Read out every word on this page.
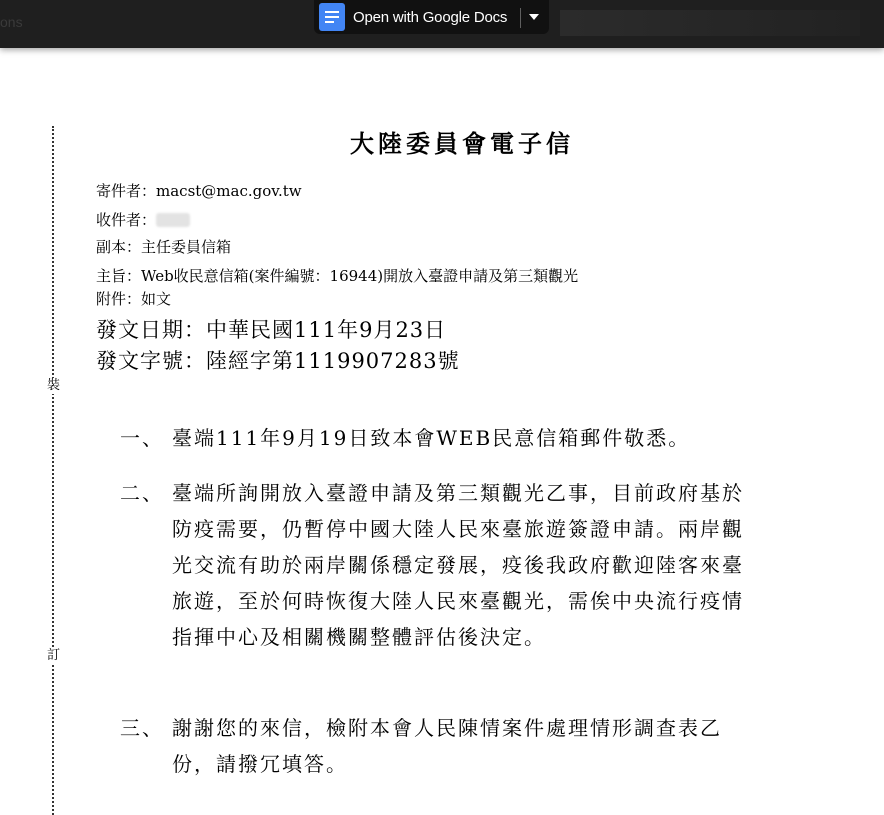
ons	Open with Google Docs
裝
訂
大陸委員會電子信
寄件者：macst@mac.gov.tw
收件者：
副本：主任委員信箱
主旨：Web收民意信箱(案件編號：16944)開放入臺證申請及第三類觀光
附件：如文
發文日期：中華民國111年9月23日
發文字號：陸經字第1119907283號
一、 臺端111年9月19日致本會WEB民意信箱郵件敬悉。
二、 臺端所詢開放入臺證申請及第三類觀光乙事，目前政府基於防疫需要，仍暫停中國大陸人民來臺旅遊簽證申請。兩岸觀光交流有助於兩岸關係穩定發展，疫後我政府歡迎陸客來臺旅遊，至於何時恢復大陸人民來臺觀光，需俟中央流行疫情指揮中心及相關機關整體評估後決定。
三、 謝謝您的來信，檢附本會人民陳情案件處理情形調查表乙份，請撥冗填答。
